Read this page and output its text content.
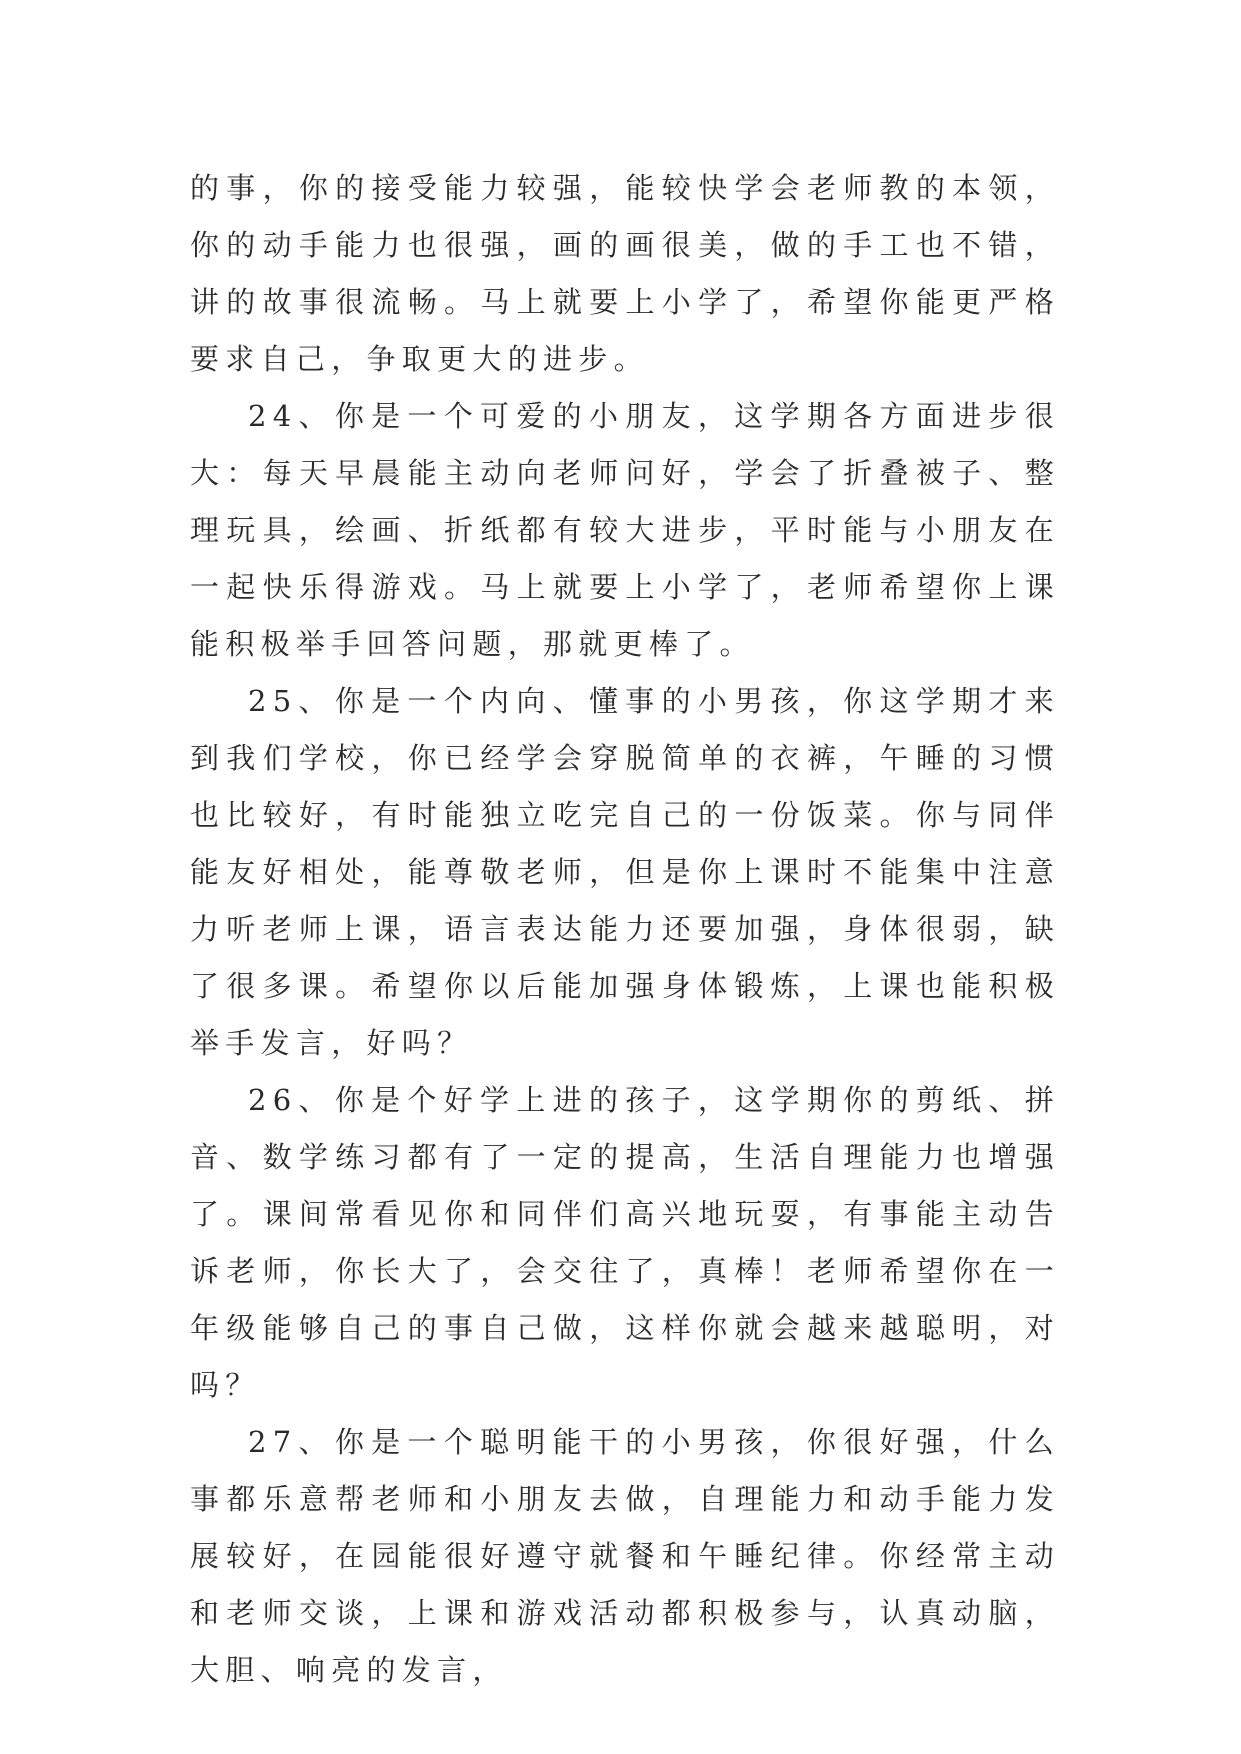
的事，你的接受能力较强，能较快学会老师教的本领，你的动手能力也很强，画的画很美，做的手工也不错，讲的故事很流畅。马上就要上小学了，希望你能更严格要求自己，争取更大的进步。

24、你是一个可爱的小朋友，这学期各方面进步很大：每天早晨能主动向老师问好，学会了折叠被子、整理玩具，绘画、折纸都有较大进步，平时能与小朋友在一起快乐得游戏。马上就要上小学了，老师希望你上课能积极举手回答问题，那就更棒了。

25、你是一个内向、懂事的小男孩，你这学期才来到我们学校，你已经学会穿脱简单的衣裤，午睡的习惯也比较好，有时能独立吃完自己的一份饭菜。你与同伴能友好相处，能尊敬老师，但是你上课时不能集中注意力听老师上课，语言表达能力还要加强，身体很弱，缺了很多课。希望你以后能加强身体锻炼，上课也能积极举手发言，好吗？

26、你是个好学上进的孩子，这学期你的剪纸、拼音、数学练习都有了一定的提高，生活自理能力也增强了。课间常看见你和同伴们高兴地玩耍，有事能主动告诉老师，你长大了，会交往了，真棒！老师希望你在一年级能够自己的事自己做，这样你就会越来越聪明，对吗？

27、你是一个聪明能干的小男孩，你很好强，什么事都乐意帮老师和小朋友去做，自理能力和动手能力发展较好，在园能很好遵守就餐和午睡纪律。你经常主动和老师交谈，上课和游戏活动都积极参与，认真动脑，大胆、响亮的发言，
